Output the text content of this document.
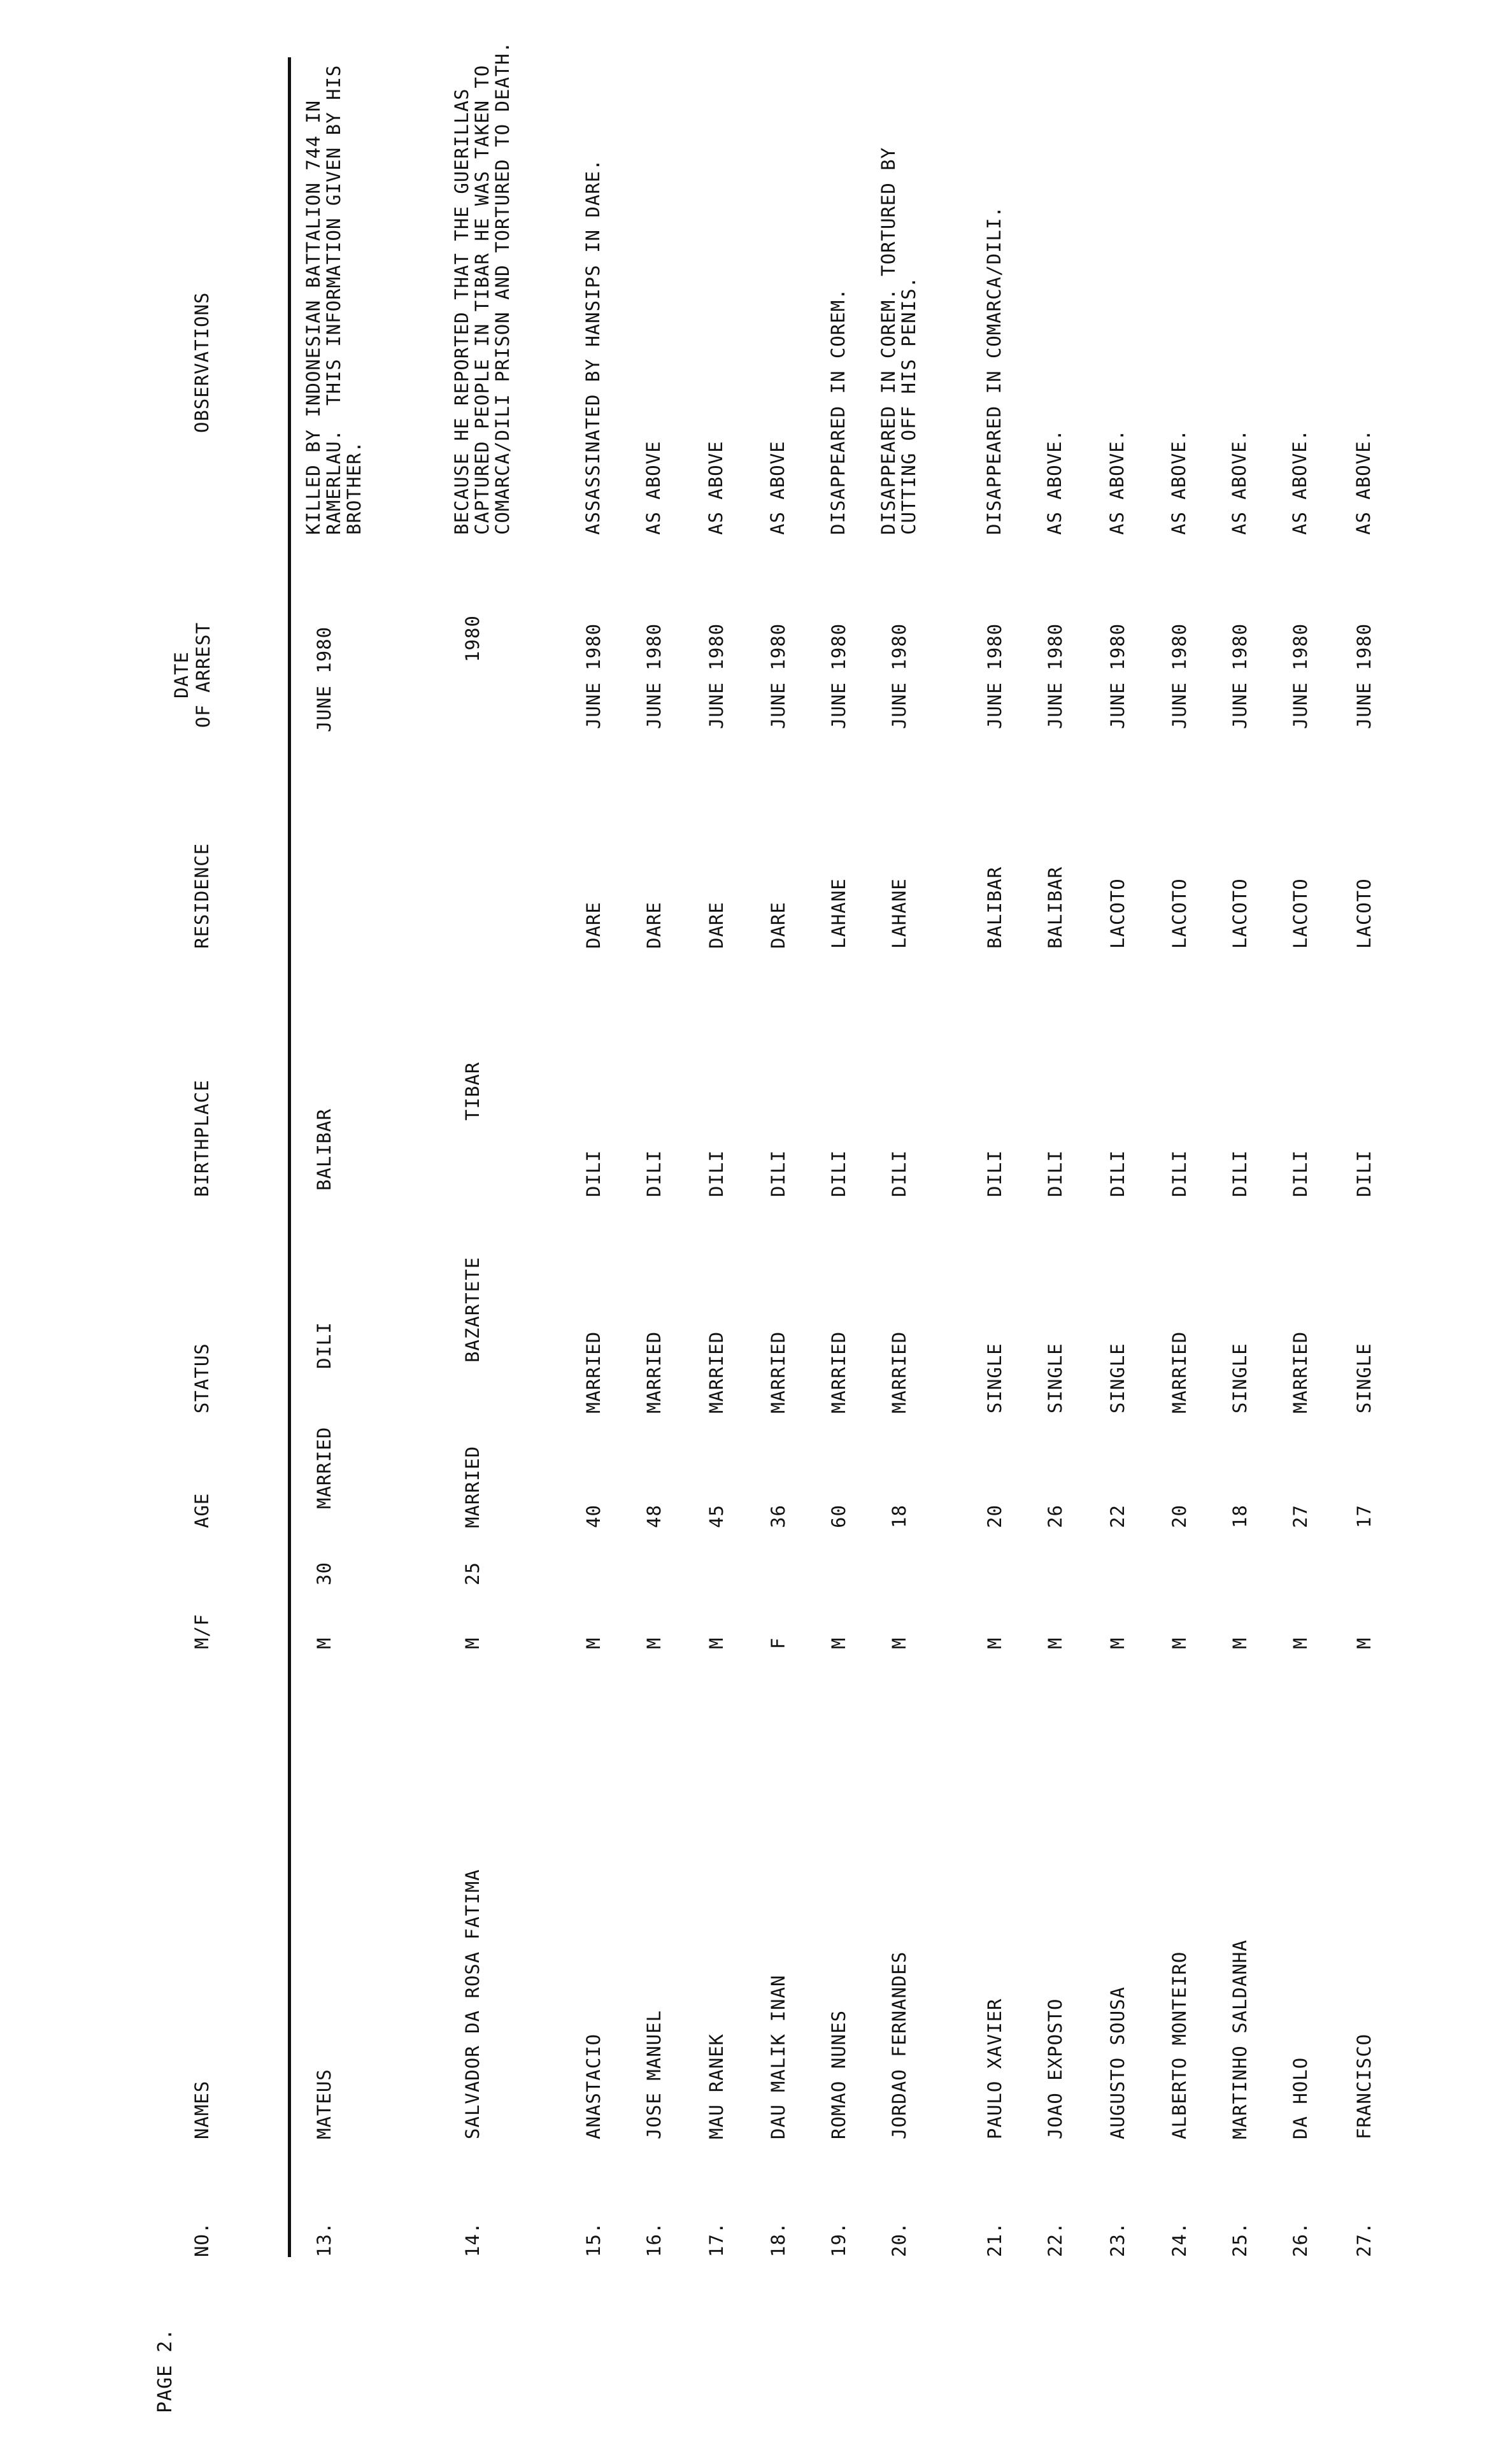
PAGE 2.
NO.
NAMES
M/F
AGE
STATUS
BIRTHPLACE
RESIDENCE
DATE OF ARREST
OBSERVATIONS
13.
MATEUS
M
30
MARRIED
DILI
BALIBAR
JUNE 1980
KILLED BY INDONESIAN BATTALION 744 IN
RAMERLAU.  THIS INFORMATION GIVEN BY HIS
BROTHER.
14.
SALVADOR DA ROSA FATIMA
M
25
MARRIED
BAZARTETE
TIBAR
1980
BECAUSE HE REPORTED THAT THE GUERILLAS
CAPTURED PEOPLE IN TIBAR HE WAS TAKEN TO
COMARCA/DILI PRISON AND TORTURED TO DEATH.
15.
ANASTACIO
M
40
MARRIED
DILI
DARE
JUNE 1980
ASSASSINATED BY HANSIPS IN DARE.
16.
JOSE MANUEL
M
48
MARRIED
DILI
DARE
JUNE 1980
AS ABOVE
17.
MAU RANEK
M
45
MARRIED
DILI
DARE
JUNE 1980
AS ABOVE
18.
DAU MALIK INAN
F
36
MARRIED
DILI
DARE
JUNE 1980
AS ABOVE
19.
ROMAO NUNES
M
60
MARRIED
DILI
LAHANE
JUNE 1980
DISAPPEARED IN COREM.
20.
JORDAO FERNANDES
M
18
MARRIED
DILI
LAHANE
JUNE 1980
DISAPPEARED IN COREM. TORTURED BY
CUTTING OFF HIS PENIS.
21.
PAULO XAVIER
M
20
SINGLE
DILI
BALIBAR
JUNE 1980
DISAPPEARED IN COMARCA/DILI.
22.
JOAO EXPOSTO
M
26
SINGLE
DILI
BALIBAR
JUNE 1980
AS ABOVE.
23.
AUGUSTO SOUSA
M
22
SINGLE
DILI
LACOTO
JUNE 1980
AS ABOVE.
24.
ALBERTO MONTEIRO
M
20
MARRIED
DILI
LACOTO
JUNE 1980
AS ABOVE.
25.
MARTINHO SALDANHA
M
18
SINGLE
DILI
LACOTO
JUNE 1980
AS ABOVE.
26.
DA HOLO
M
27
MARRIED
DILI
LACOTO
JUNE 1980
AS ABOVE.
27.
FRANCISCO
M
17
SINGLE
DILI
LACOTO
JUNE 1980
AS ABOVE.
